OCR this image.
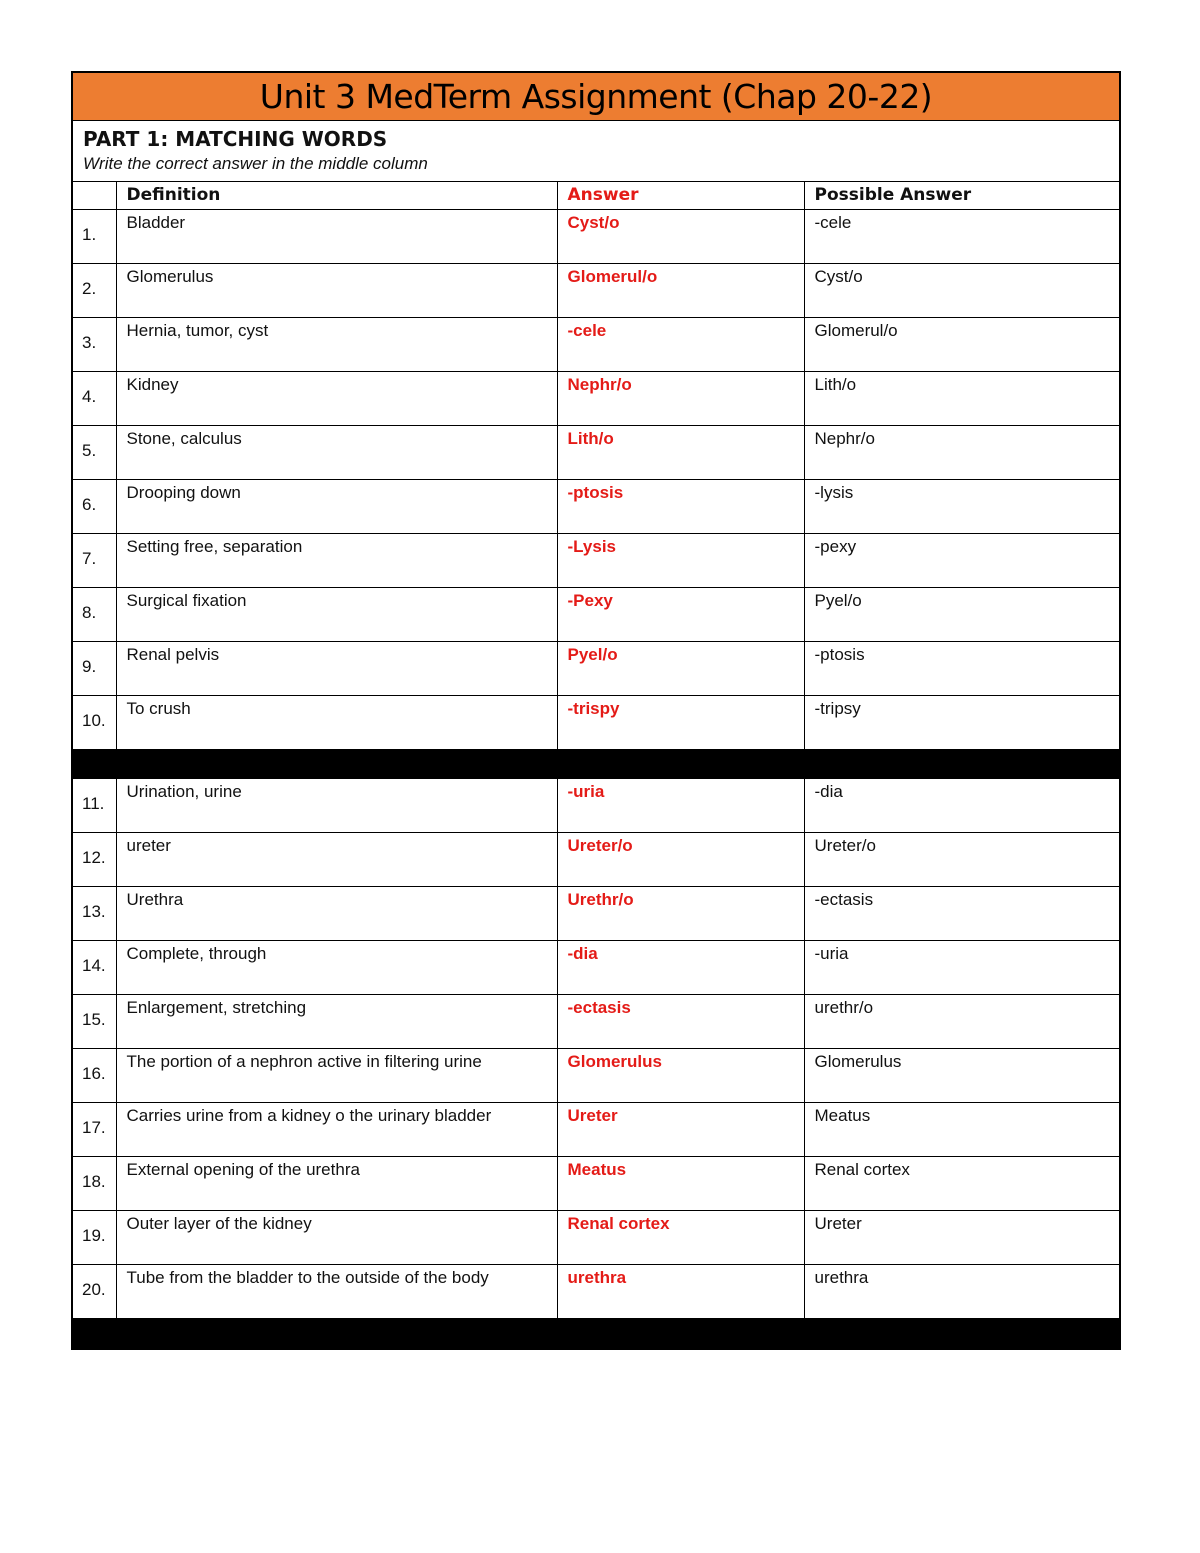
Unit 3 MedTerm Assignment (Chap 20-22)
PART 1: MATCHING WORDS
Write the correct answer in the middle column
	Definition	Answer	Possible Answer
1.	Bladder	Cyst/o	-cele
2.	Glomerulus	Glomerul/o	Cyst/o
3.	Hernia, tumor, cyst	-cele	Glomerul/o
4.	Kidney	Nephr/o	Lith/o
5.	Stone, calculus	Lith/o	Nephr/o
6.	Drooping down	-ptosis	-lysis
7.	Setting free, separation	-Lysis	-pexy
8.	Surgical fixation	-Pexy	Pyel/o
9.	Renal pelvis	Pyel/o	-ptosis
10.	To crush	-trispy	-tripsy

11.	Urination, urine	-uria	-dia
12.	ureter	Ureter/o	Ureter/o
13.	Urethra	Urethr/o	-ectasis
14.	Complete, through	-dia	-uria
15.	Enlargement, stretching	-ectasis	urethr/o
16.	The portion of a nephron active in filtering urine	Glomerulus	Glomerulus
17.	Carries urine from a kidney o the urinary bladder	Ureter	Meatus
18.	External opening of the urethra	Meatus	Renal cortex
19.	Outer layer of the kidney	Renal cortex	Ureter
20.	Tube from the bladder to the outside of the body	urethra	urethra
